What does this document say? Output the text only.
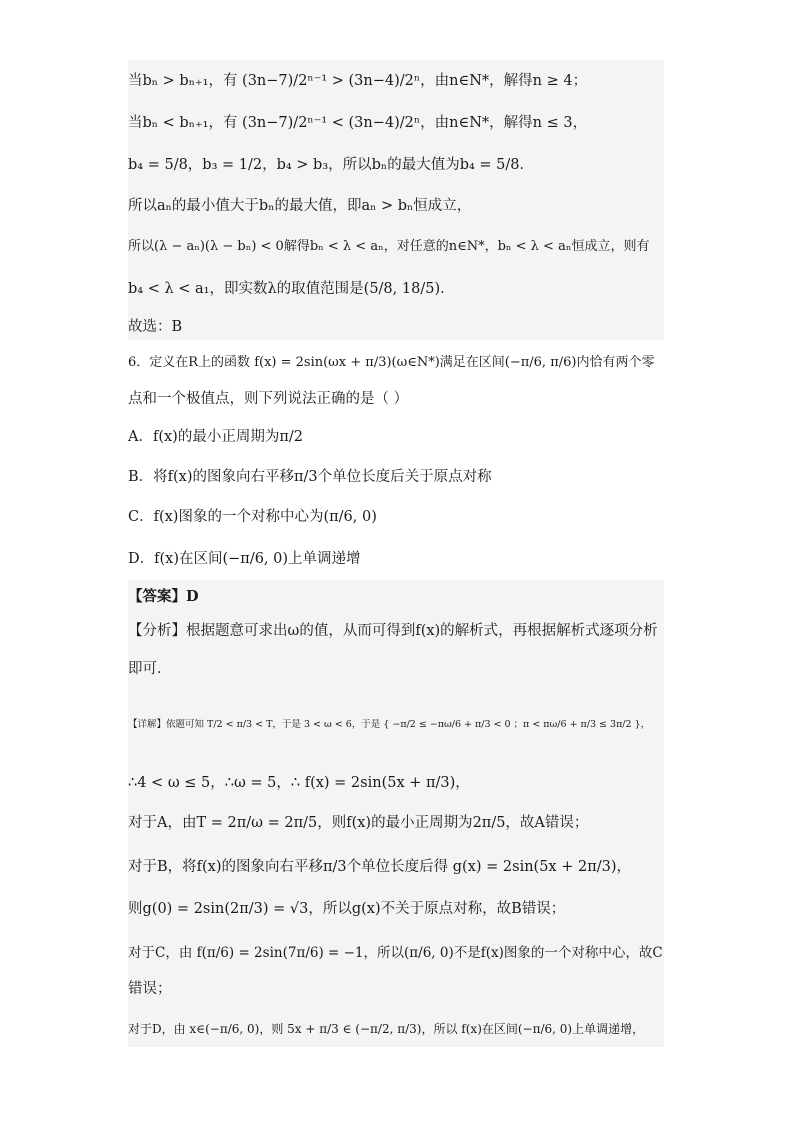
当bₙ > bₙ₊₁，有 (3n−7)/2ⁿ⁻¹ > (3n−4)/2ⁿ，由n∈N*，解得n ≥ 4；
当bₙ < bₙ₊₁，有 (3n−7)/2ⁿ⁻¹ < (3n−4)/2ⁿ，由n∈N*，解得n ≤ 3，
b₄ = 5/8，b₃ = 1/2，b₄ > b₃，所以bₙ的最大值为b₄ = 5/8．
所以aₙ的最小值大于bₙ的最大值，即aₙ > bₙ恒成立，
所以(λ − aₙ)(λ − bₙ) < 0解得bₙ < λ < aₙ，对任意的n∈N*，bₙ < λ < aₙ恒成立，则有
b₄ < λ < a₁，即实数λ的取值范围是(5/8, 18/5)．
故选：B
6．定义在R上的函数 f(x) = 2sin(ωx + π/3)(ω∈N*)满足在区间(−π/6, π/6)内恰有两个零
点和一个极值点，则下列说法正确的是（ ）
A．f(x)的最小正周期为π/2
B．将f(x)的图象向右平移π/3个单位长度后关于原点对称
C．f(x)图象的一个对称中心为(π/6, 0)
D．f(x)在区间(−π/6, 0)上单调递增
【答案】D
【分析】根据题意可求出ω的值，从而可得到f(x)的解析式，再根据解析式逐项分析
即可．
【详解】依题可知 T/2 < π/3 < T，于是 3 < ω < 6，于是 { −π/2 ≤ −πω/6 + π/3 < 0 ；π < πω/6 + π/3 ≤ 3π/2 }，
∴4 < ω ≤ 5，∴ω = 5，∴ f(x) = 2sin(5x + π/3)，
对于A，由T = 2π/ω = 2π/5，则f(x)的最小正周期为2π/5，故A错误；
对于B，将f(x)的图象向右平移π/3个单位长度后得 g(x) = 2sin(5x + 2π/3)，
则g(0) = 2sin(2π/3) = √3，所以g(x)不关于原点对称，故B错误；
对于C，由 f(π/6) = 2sin(7π/6) = −1，所以(π/6, 0)不是f(x)图象的一个对称中心，故C
错误；
对于D，由 x∈(−π/6, 0)，则 5x + π/3 ∈ (−π/2, π/3)，所以 f(x)在区间(−π/6, 0)上单调递增，
